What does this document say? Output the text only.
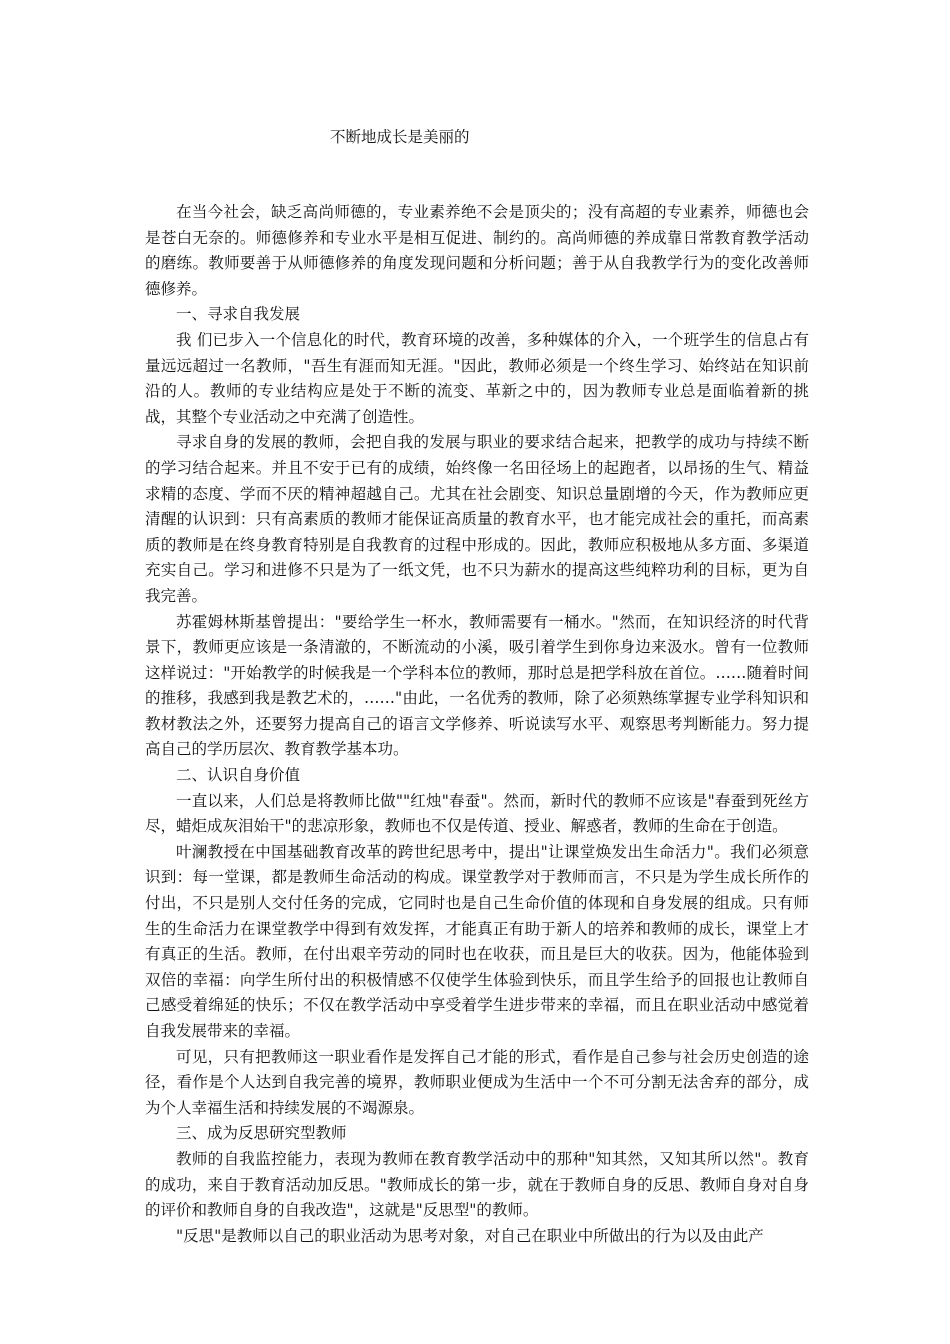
不断地成长是美丽的

在当今社会，缺乏高尚师德的，专业素养绝不会是顶尖的；没有高超的专业素养，师德也会是苍白无奈的。师德修养和专业水平是相互促进、制约的。高尚师德的养成靠日常教育教学活动的磨练。教师要善于从师德修养的角度发现问题和分析问题；善于从自我教学行为的变化改善师德修养。

一、寻求自我发展

我 们已步入一个信息化的时代，教育环境的改善，多种媒体的介入，一个班学生的信息占有量远远超过一名教师，"吾生有涯而知无涯。"因此，教师必须是一个终生学习、始终站在知识前沿的人。教师的专业结构应是处于不断的流变、革新之中的，因为教师专业总是面临着新的挑战，其整个专业活动之中充满了创造性。

寻求自身的发展的教师，会把自我的发展与职业的要求结合起来，把教学的成功与持续不断的学习结合起来。并且不安于已有的成绩，始终像一名田径场上的起跑者，以昂扬的生气、精益求精的态度、学而不厌的精神超越自己。尤其在社会剧变、知识总量剧增的今天，作为教师应更清醒的认识到：只有高素质的教师才能保证高质量的教育水平，也才能完成社会的重托，而高素质的教师是在终身教育特别是自我教育的过程中形成的。因此，教师应积极地从多方面、多渠道充实自己。学习和进修不只是为了一纸文凭，也不只为薪水的提高这些纯粹功利的目标，更为自我完善。

苏霍姆林斯基曾提出："要给学生一杯水，教师需要有一桶水。"然而，在知识经济的时代背景下，教师更应该是一条清澈的，不断流动的小溪，吸引着学生到你身边来汲水。曾有一位教师这样说过："开始教学的时候我是一个学科本位的教师，那时总是把学科放在首位。……随着时间的推移，我感到我是教艺术的，……"由此，一名优秀的教师，除了必须熟练掌握专业学科知识和教材教法之外，还要努力提高自己的语言文学修养、听说读写水平、观察思考判断能力。努力提高自己的学历层次、教育教学基本功。

二、认识自身价值

一直以来，人们总是将教师比做""红烛"春蚕"。然而，新时代的教师不应该是"春蚕到死丝方尽，蜡炬成灰泪始干"的悲凉形象，教师也不仅是传道、授业、解惑者，教师的生命在于创造。

叶澜教授在中国基础教育改革的跨世纪思考中，提出"让课堂焕发出生命活力"。我们必须意识到：每一堂课，都是教师生命活动的构成。课堂教学对于教师而言，不只是为学生成长所作的付出，不只是别人交付任务的完成，它同时也是自己生命价值的体现和自身发展的组成。只有师生的生命活力在课堂教学中得到有效发挥，才能真正有助于新人的培养和教师的成长，课堂上才有真正的生活。教师，在付出艰辛劳动的同时也在收获，而且是巨大的收获。因为，他能体验到双倍的幸福：向学生所付出的积极情感不仅使学生体验到快乐，而且学生给予的回报也让教师自己感受着绵延的快乐；不仅在教学活动中享受着学生进步带来的幸福，而且在职业活动中感觉着自我发展带来的幸福。

可见，只有把教师这一职业看作是发挥自己才能的形式，看作是自己参与社会历史创造的途径，看作是个人达到自我完善的境界，教师职业便成为生活中一个不可分割无法舍弃的部分，成为个人幸福生活和持续发展的不竭源泉。

三、成为反思研究型教师

教师的自我监控能力，表现为教师在教育教学活动中的那种"知其然，又知其所以然"。教育的成功，来自于教育活动加反思。"教师成长的第一步，就在于教师自身的反思、教师自身对自身的评价和教师自身的自我改造"，这就是"反思型"的教师。

"反思"是教师以自己的职业活动为思考对象，对自己在职业中所做出的行为以及由此产
